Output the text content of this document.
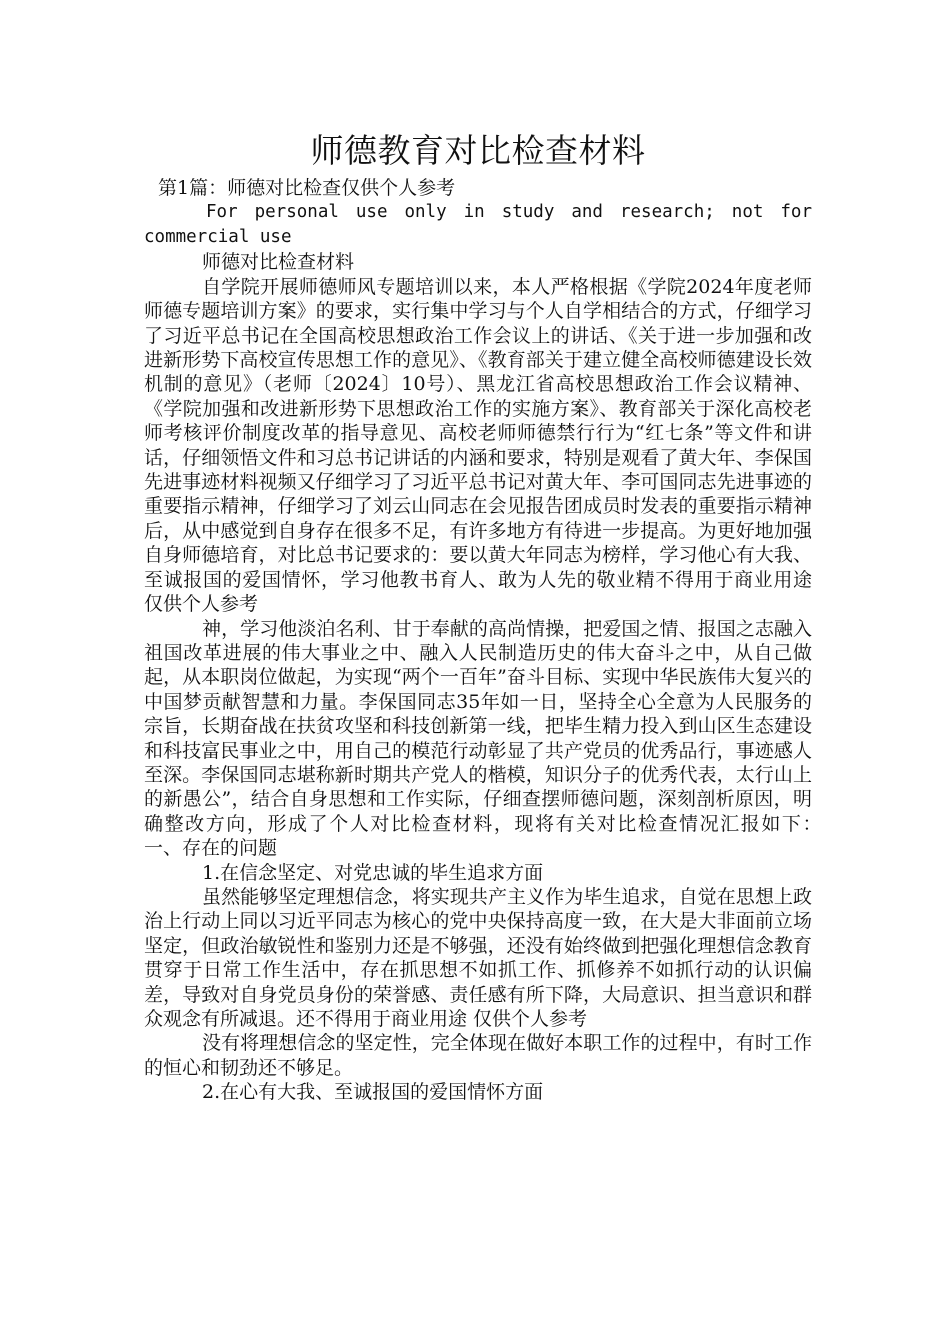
师德教育对比检查材料

第1篇：师德对比检查仅供个人参考

For personal use only in study and research; not for commercial use

师德对比检查材料

自学院开展师德师风专题培训以来，本人严格根据《学院2024年度老师师德专题培训方案》的要求，实行集中学习与个人自学相结合的方式，仔细学习了习近平总书记在全国高校思想政治工作会议上的讲话、《关于进一步加强和改进新形势下高校宣传思想工作的意见》、《教育部关于建立健全高校师德建设长效机制的意见》（老师〔2024〕10号）、黑龙江省高校思想政治工作会议精神、《学院加强和改进新形势下思想政治工作的实施方案》、教育部关于深化高校老师考核评价制度改革的指导意见、高校老师师德禁行行为“红七条”等文件和讲话，仔细领悟文件和习总书记讲话的内涵和要求，特别是观看了黄大年、李保国先进事迹材料视频又仔细学习了习近平总书记对黄大年、李可国同志先进事迹的重要指示精神，仔细学习了刘云山同志在会见报告团成员时发表的重要指示精神后，从中感觉到自身存在很多不足，有许多地方有待进一步提高。为更好地加强自身师德培育，对比总书记要求的：要以黄大年同志为榜样，学习他心有大我、至诚报国的爱国情怀，学习他教书育人、敢为人先的敬业精不得用于商业用途 仅供个人参考

神，学习他淡泊名利、甘于奉献的高尚情操，把爱国之情、报国之志融入祖国改革进展的伟大事业之中、融入人民制造历史的伟大奋斗之中，从自己做起，从本职岗位做起，为实现“两个一百年”奋斗目标、实现中华民族伟大复兴的中国梦贡献智慧和力量。李保国同志35年如一日，坚持全心全意为人民服务的宗旨，长期奋战在扶贫攻坚和科技创新第一线，把毕生精力投入到山区生态建设和科技富民事业之中，用自己的模范行动彰显了共产党员的优秀品行，事迹感人至深。李保国同志堪称新时期共产党人的楷模，知识分子的优秀代表，太行山上的新愚公”，结合自身思想和工作实际，仔细查摆师德问题，深刻剖析原因，明确整改方向，形成了个人对比检查材料，现将有关对比检查情况汇报如下：　一、存在的问题

1.在信念坚定、对党忠诚的毕生追求方面

虽然能够坚定理想信念，将实现共产主义作为毕生追求，自觉在思想上政治上行动上同以习近平同志为核心的党中央保持高度一致，在大是大非面前立场坚定，但政治敏锐性和鉴别力还是不够强，还没有始终做到把强化理想信念教育贯穿于日常工作生活中，存在抓思想不如抓工作、抓修养不如抓行动的认识偏差，导致对自身党员身份的荣誉感、责任感有所下降，大局意识、担当意识和群众观念有所减退。还不得用于商业用途 仅供个人参考

没有将理想信念的坚定性，完全体现在做好本职工作的过程中，有时工作的恒心和韧劲还不够足。

2.在心有大我、至诚报国的爱国情怀方面
